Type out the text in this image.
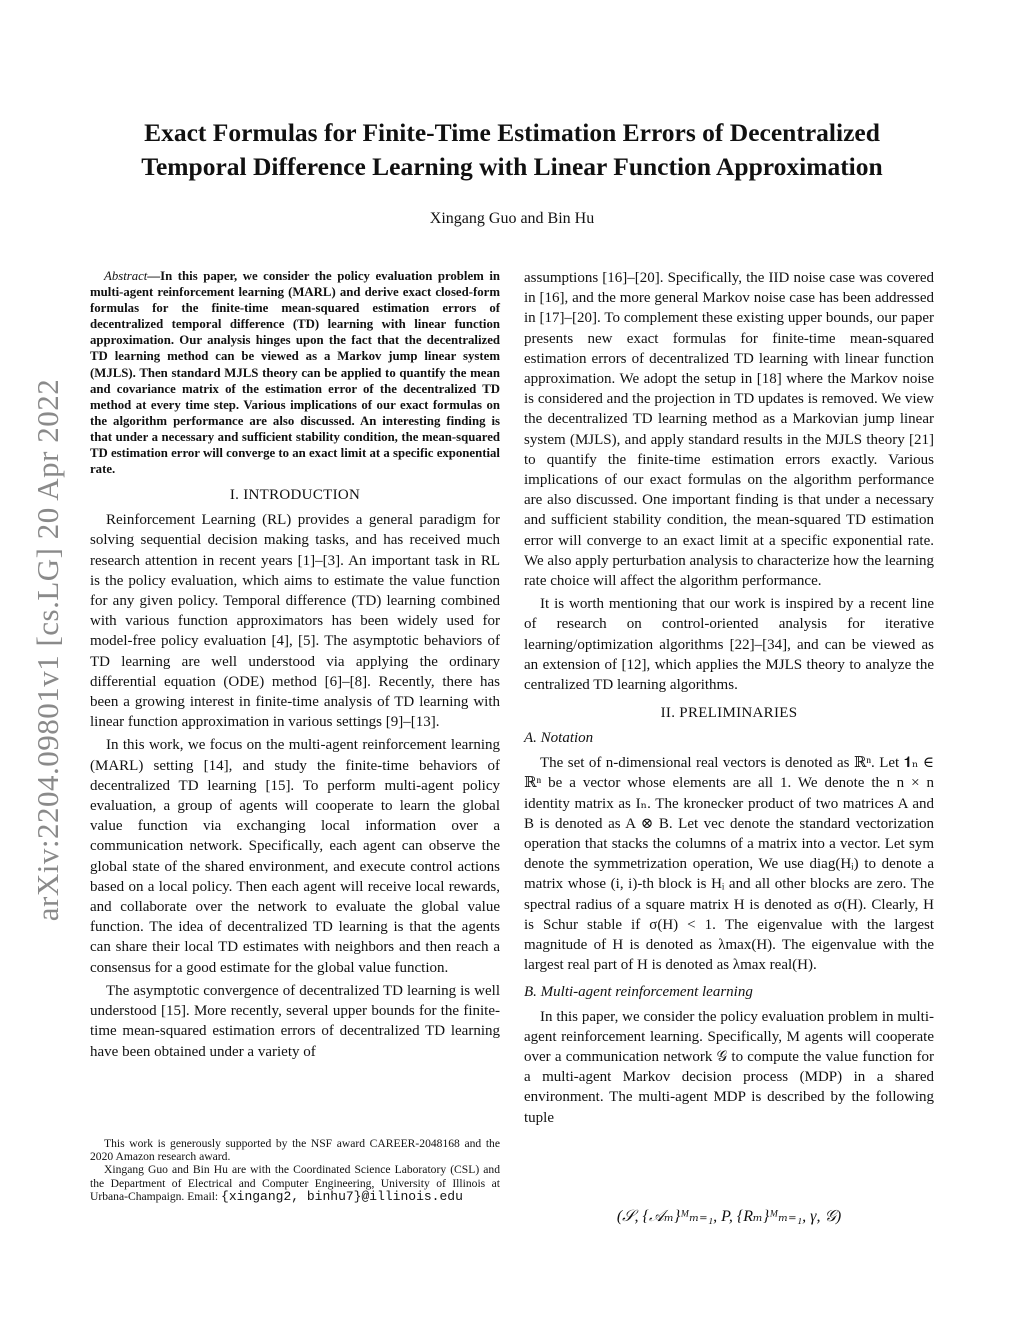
arXiv:2204.09801v1 [cs.LG] 20 Apr 2022
Exact Formulas for Finite-Time Estimation Errors of Decentralized
Temporal Difference Learning with Linear Function Approximation
Xingang Guo and Bin Hu

Abstract—In this paper, we consider the policy evaluation problem in multi-agent reinforcement learning (MARL) and derive exact closed-form formulas for the finite-time mean-squared estimation errors of decentralized temporal difference (TD) learning with linear function approximation. Our analysis hinges upon the fact that the decentralized TD learning method can be viewed as a Markov jump linear system (MJLS). Then standard MJLS theory can be applied to quantify the mean and covariance matrix of the estimation error of the decentralized TD method at every time step. Various implications of our exact formulas on the algorithm performance are also discussed. An interesting finding is that under a necessary and sufficient stability condition, the mean-squared TD estimation error will converge to an exact limit at a specific exponential rate.

I. INTRODUCTION

Reinforcement Learning (RL) provides a general paradigm for solving sequential decision making tasks, and has received much research attention in recent years [1]–[3]. An important task in RL is the policy evaluation, which aims to estimate the value function for any given policy. Temporal difference (TD) learning combined with various function approximators has been widely used for model-free policy evaluation [4], [5]. The asymptotic behaviors of TD learning are well understood via applying the ordinary differential equation (ODE) method [6]–[8]. Recently, there has been a growing interest in finite-time analysis of TD learning with linear function approximation in various settings [9]–[13].

In this work, we focus on the multi-agent reinforcement learning (MARL) setting [14], and study the finite-time behaviors of decentralized TD learning [15]. To perform multi-agent policy evaluation, a group of agents will cooperate to learn the global value function via exchanging local information over a communication network. Specifically, each agent can observe the global state of the shared environment, and execute control actions based on a local policy. Then each agent will receive local rewards, and collaborate over the network to evaluate the global value function. The idea of decentralized TD learning is that the agents can share their local TD estimates with neighbors and then reach a consensus for a good estimate for the global value function.

The asymptotic convergence of decentralized TD learning is well understood [15]. More recently, several upper bounds for the finite-time mean-squared estimation errors of decentralized TD learning have been obtained under a variety of

This work is generously supported by the NSF award CAREER-2048168 and the 2020 Amazon research award.

Xingang Guo and Bin Hu are with the Coordinated Science Laboratory (CSL) and the Department of Electrical and Computer Engineering, University of Illinois at Urbana-Champaign. Email: {xingang2, binhu7}@illinois.edu

assumptions [16]–[20]. Specifically, the IID noise case was covered in [16], and the more general Markov noise case has been addressed in [17]–[20]. To complement these existing upper bounds, our paper presents new exact formulas for finite-time mean-squared estimation errors of decentralized TD learning with linear function approximation. We adopt the setup in [18] where the Markov noise is considered and the projection in TD updates is removed. We view the decentralized TD learning method as a Markovian jump linear system (MJLS), and apply standard results in the MJLS theory [21] to quantify the finite-time estimation errors exactly. Various implications of our exact formulas on the algorithm performance are also discussed. One important finding is that under a necessary and sufficient stability condition, the mean-squared TD estimation error will converge to an exact limit at a specific exponential rate. We also apply perturbation analysis to characterize how the learning rate choice will affect the algorithm performance.

It is worth mentioning that our work is inspired by a recent line of research on control-oriented analysis for iterative learning/optimization algorithms [22]–[34], and can be viewed as an extension of [12], which applies the MJLS theory to analyze the centralized TD learning algorithms.

II. PRELIMINARIES
A. Notation

The set of n-dimensional real vectors is denoted as ℝⁿ. Let 𝟏ₙ ∈ ℝⁿ be a vector whose elements are all 1. We denote the n × n identity matrix as Iₙ. The kronecker product of two matrices A and B is denoted as A ⊗ B. Let vec denote the standard vectorization operation that stacks the columns of a matrix into a vector. Let sym denote the symmetrization operation, We use diag(Hᵢ) to denote a matrix whose (i, i)-th block is Hᵢ and all other blocks are zero. The spectral radius of a square matrix H is denoted as σ(H). Clearly, H is Schur stable if σ(H) < 1. The eigenvalue with the largest magnitude of H is denoted as λmax(H). The eigenvalue with the largest real part of H is denoted as λmax real(H).

B. Multi-agent reinforcement learning

In this paper, we consider the policy evaluation problem in multi-agent reinforcement learning. Specifically, M agents will cooperate over a communication network 𝒢 to compute the value function for a multi-agent Markov decision process (MDP) in a shared environment. The multi-agent MDP is described by the following tuple

(𝒮, {𝒜ₘ}ᴹₘ₌₁, P, {Rₘ}ᴹₘ₌₁, γ, 𝒢)
